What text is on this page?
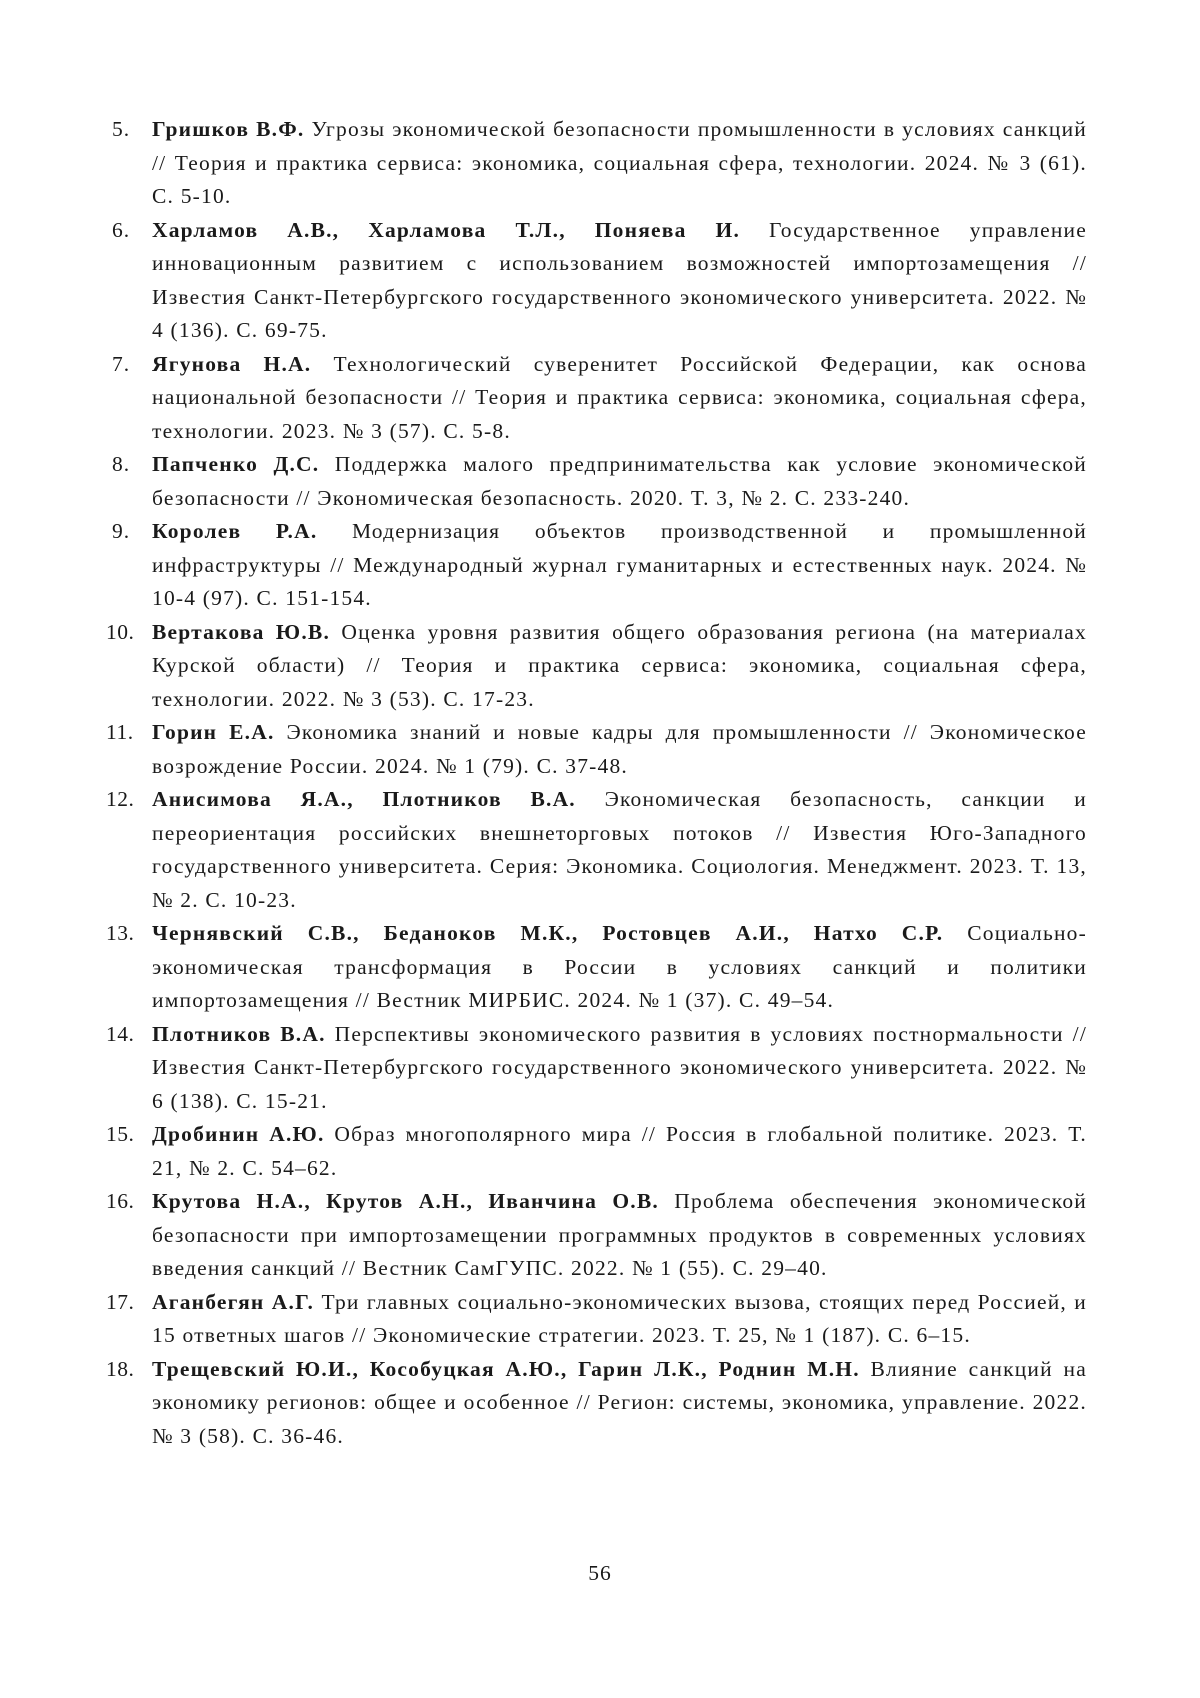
5.	Гришков В.Ф. Угрозы экономической безопасности промышленности в условиях санкций // Теория и практика сервиса: экономика, социальная сфера, технологии. 2024. № 3 (61). С. 5-10.
6.	Харламов А.В., Харламова Т.Л., Поняева И. Государственное управление инновационным развитием с использованием возможностей импортозамещения // Известия Санкт-Петербургского государственного экономического университета. 2022. № 4 (136). С. 69-75.
7.	Ягунова Н.А. Технологический суверенитет Российской Федерации, как основа национальной безопасности // Теория и практика сервиса: экономика, социальная сфера, технологии. 2023. № 3 (57). С. 5-8.
8.	Папченко Д.С. Поддержка малого предпринимательства как условие экономической безопасности // Экономическая безопасность. 2020. Т. 3, № 2. С. 233-240.
9.	Королев Р.А. Модернизация объектов производственной и промышленной инфраструктуры // Международный журнал гуманитарных и естественных наук. 2024. № 10-4 (97). С. 151-154.
10. Вертакова Ю.В. Оценка уровня развития общего образования региона (на материалах Курской области) // Теория и практика сервиса: экономика, социальная сфера, технологии. 2022. № 3 (53). С. 17-23.
11. Горин Е.А. Экономика знаний и новые кадры для промышленности // Экономическое возрождение России. 2024. № 1 (79). С. 37-48.
12. Анисимова Я.А., Плотников В.А. Экономическая безопасность, санкции и переориентация российских внешнеторговых потоков // Известия Юго-Западного государственного университета. Серия: Экономика. Социология. Менеджмент. 2023. Т. 13, № 2. С. 10-23.
13. Чернявский С.В., Беданоков М.К., Ростовцев А.И., Натхо С.Р. Социально-экономическая трансформация в России в условиях санкций и политики импортозамещения // Вестник МИРБИС. 2024. № 1 (37). С. 49–54.
14. Плотников В.А. Перспективы экономического развития в условиях постнормальности // Известия Санкт-Петербургского государственного экономического университета. 2022. № 6 (138). С. 15-21.
15. Дробинин А.Ю. Образ многополярного мира // Россия в глобальной политике. 2023. Т. 21, № 2. С. 54–62.
16. Крутова Н.А., Крутов А.Н., Иванчина О.В. Проблема обеспечения экономической безопасности при импортозамещении программных продуктов в современных условиях введения санкций // Вестник СамГУПС. 2022. № 1 (55). С. 29–40.
17. Аганбегян А.Г. Три главных социально-экономических вызова, стоящих перед Россией, и 15 ответных шагов // Экономические стратегии. 2023. Т. 25, № 1 (187). С. 6–15.
18. Трещевский Ю.И., Кособуцкая А.Ю., Гарин Л.К., Роднин М.Н. Влияние санкций на экономику регионов: общее и особенное // Регион: системы, экономика, управление. 2022. № 3 (58). С. 36-46.
56
